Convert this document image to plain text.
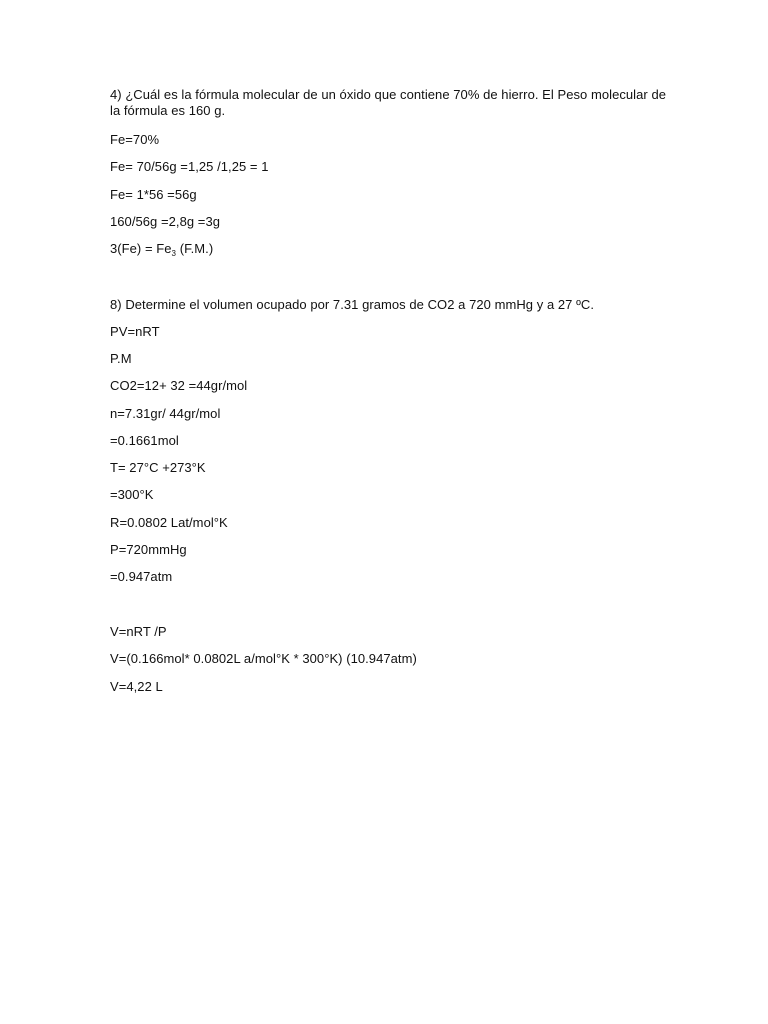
4) ¿Cuál es la fórmula molecular de un óxido que contiene 70% de hierro. El Peso molecular de
la fórmula es 160 g.
Fe=70%
Fe= 70/56g =1,25 /1,25 = 1
Fe= 1*56 =56g
160/56g =2,8g =3g
$3(Fe) = Fe_3$ (F.M.)
8) Determine el volumen ocupado por 7.31 gramos de CO2 a 720 mmHg y a 27 ºC.
PV=nRT
P.M
CO2=12+ 32 =44gr/mol
n=7.31gr/ 44gr/mol
=0.1661mol
T= 27°C +273°K
=300°K
R=0.0802 Lat/mol°K
P=720mmHg
=0.947atm
V=nRT /P
V=(0.166mol* 0.0802L a/mol°K * 300°K) (10.947atm)
V=4,22 L
